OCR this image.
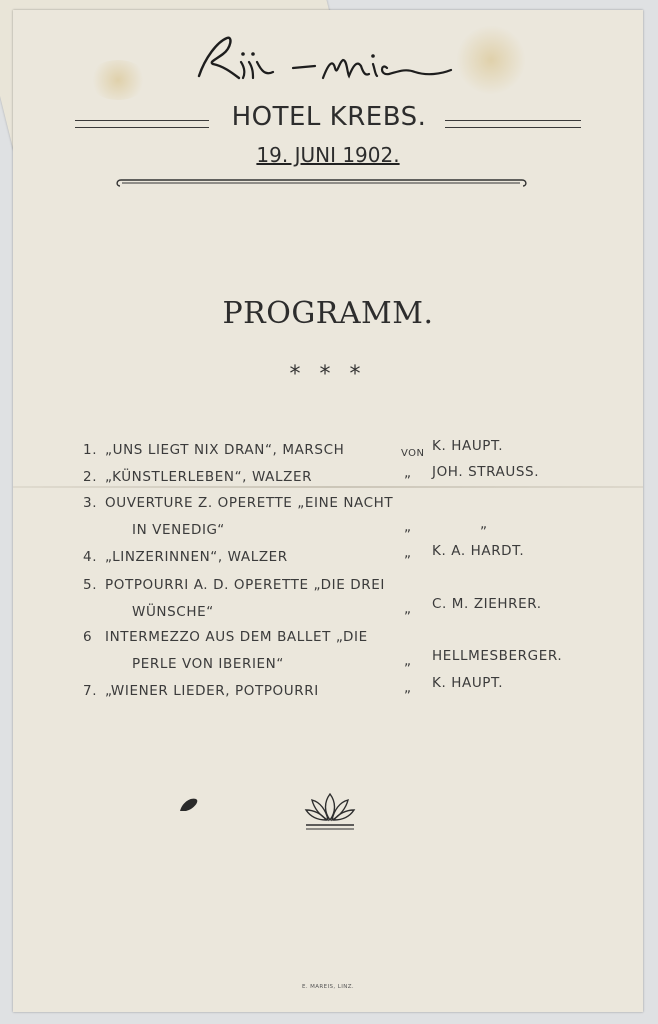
HOTEL KREBS.
19. JUNI 1902.
PROGRAMM.
* * *
1. „UNS LIEGT NIX DRAN“, MARSCH	VON K. HAUPT.
2. „KÜNSTLERLEBEN“, WALZER	„ JOH. STRAUSS.
3. OUVERTURE Z. OPERETTE „EINE NACHT
IN VENEDIG“	„	„
4. „LINZERINNEN“, WALZER	„ K. A. HARDT.
5. POTPOURRI A. D. OPERETTE „DIE DREI
WÜNSCHE“	„ C. M. ZIEHRER.
6 INTERMEZZO AUS DEM BALLET „DIE
PERLE VON IBERIEN“	„ HELLMESBERGER.
7. „WIENER LIEDER, POTPOURRI	„ K. HAUPT.
E. MAREIS, LINZ.
